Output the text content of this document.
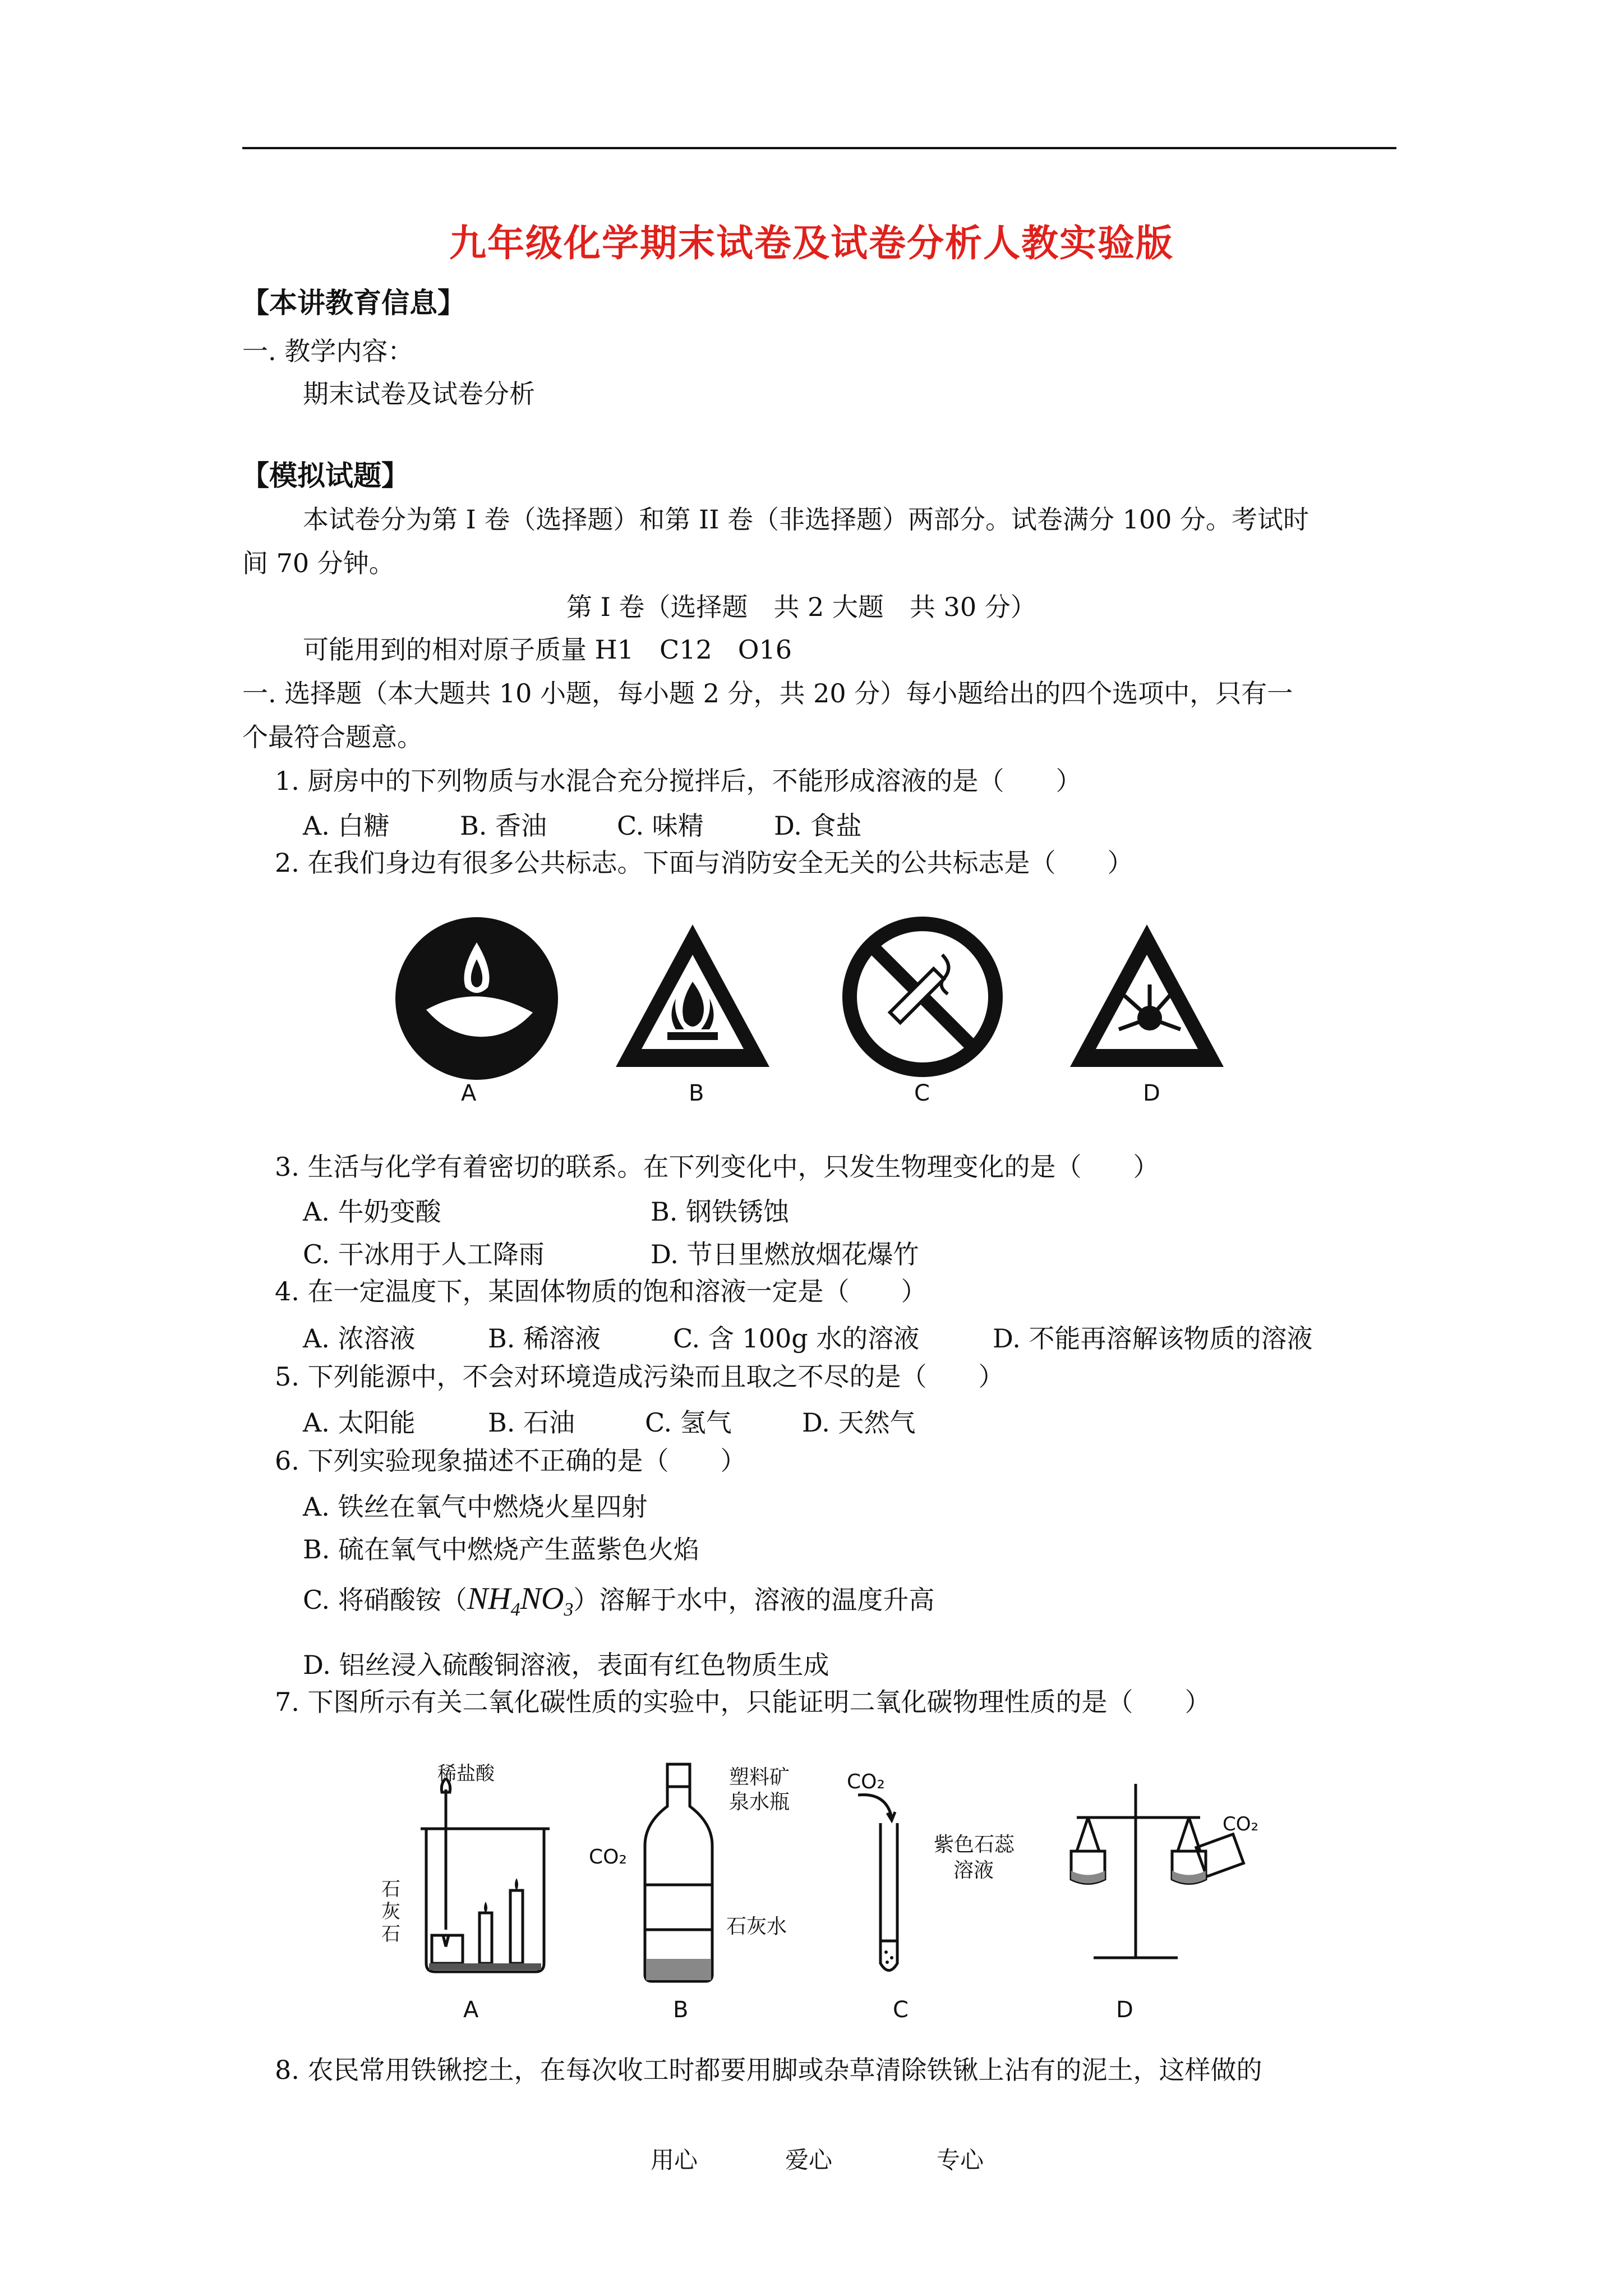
九年级化学期末试卷及试卷分析人教实验版
【本讲教育信息】
一. 教学内容：
期末试卷及试卷分析
【模拟试题】
本试卷分为第 I 卷（选择题）和第 II 卷（非选择题）两部分。试卷满分 100 分。考试时
间 70 分钟。
第 I 卷（选择题　共 2 大题　共 30 分）
可能用到的相对原子质量 H1　C12　O16
一. 选择题（本大题共 10 小题，每小题 2 分，共 20 分）每小题给出的四个选项中，只有一
个最符合题意。
1. 厨房中的下列物质与水混合充分搅拌后，不能形成溶液的是（　　）
A. 白糖	B. 香油	C. 味精	D. 食盐
2. 在我们身边有很多公共标志。下面与消防安全无关的公共标志是（　　）
A	B	C	D
3. 生活与化学有着密切的联系。在下列变化中，只发生物理变化的是（　　）
A. 牛奶变酸	B. 钢铁锈蚀
C. 干冰用于人工降雨	D. 节日里燃放烟花爆竹
4. 在一定温度下，某固体物质的饱和溶液一定是（　　）
A. 浓溶液	B. 稀溶液	C. 含 100g 水的溶液	D. 不能再溶解该物质的溶液
5. 下列能源中，不会对环境造成污染而且取之不尽的是（　　）
A. 太阳能	B. 石油	C. 氢气	D. 天然气
6. 下列实验现象描述不正确的是（　　）
A. 铁丝在氧气中燃烧火星四射
B. 硫在氧气中燃烧产生蓝紫色火焰
C. 将硝酸铵$(NH_4NO_3)$溶解于水中，溶液的温度升高
D. 铝丝浸入硫酸铜溶液，表面有红色物质生成
7. 下图所示有关二氧化碳性质的实验中，只能证明二氧化碳物理性质的是（　　）
稀盐酸
石
灰
石
塑料矿
泉水瓶
CO₂
石灰水
CO₂
紫色石蕊
溶液
CO₂
A	B	C	D
8. 农民常用铁锹挖土，在每次收工时都要用脚或杂草清除铁锹上沾有的泥土，这样做的
用心	爱心	专心
